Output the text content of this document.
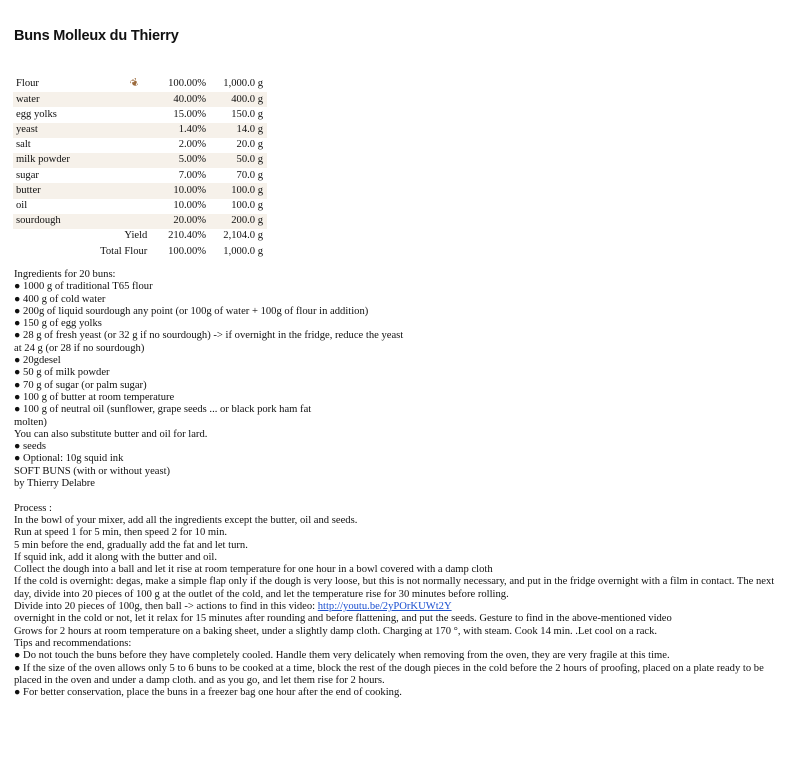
Buns Molleux du Thierry
Flour	❦	100.00%	1,000.0 g
water		40.00%	400.0 g
egg yolks		15.00%	150.0 g
yeast		1.40%	14.0 g
salt		2.00%	20.0 g
milk powder		5.00%	50.0 g
sugar		7.00%	70.0 g
butter		10.00%	100.0 g
oil		10.00%	100.0 g
sourdough		20.00%	200.0 g
Yield		210.40%	2,104.0 g
Total Flour		100.00%	1,000.0 g
Ingredients for 20 buns:
● 1000 g of traditional T65 flour
● 400 g of cold water
● 200g of liquid sourdough any point (or 100g of water + 100g of flour in addition)
● 150 g of egg yolks
● 28 g of fresh yeast (or 32 g if no sourdough) -> if overnight in the fridge, reduce the yeast
at 24 g (or 28 if no sourdough)
● 20gdesel
● 50 g of milk powder
● 70 g of sugar (or palm sugar)
● 100 g of butter at room temperature
● 100 g of neutral oil (sunflower, grape seeds ... or black pork ham fat
molten)
You can also substitute butter and oil for lard.
● seeds
● Optional: 10g squid ink
SOFT BUNS (with or without yeast)
by Thierry Delabre
Process :
In the bowl of your mixer, add all the ingredients except the butter, oil and seeds.
Run at speed 1 for 5 min, then speed 2 for 10 min.
5 min before the end, gradually add the fat and let turn.
If squid ink, add it along with the butter and oil.
Collect the dough into a ball and let it rise at room temperature for one hour in a bowl covered with a damp cloth
If the cold is overnight: degas, make a simple flap only if the dough is very loose, but this is not normally necessary, and put in the fridge overnight with a film in contact. The next day, divide into 20 pieces of 100 g at the outlet of the cold, and let the temperature rise for 30 minutes before rolling.
Divide into 20 pieces of 100g, then ball -> actions to find in this video: http://youtu.be/2yPOrKUWt2Y
overnight in the cold or not, let it relax for 15 minutes after rounding and before flattening, and put the seeds. Gesture to find in the above-mentioned video
Grows for 2 hours at room temperature on a baking sheet, under a slightly damp cloth. Charging at 170 °, with steam. Cook 14 min. .Let cool on a rack.
Tips and recommendations:
● Do not touch the buns before they have completely cooled. Handle them very delicately when removing from the oven, they are very fragile at this time.
● If the size of the oven allows only 5 to 6 buns to be cooked at a time, block the rest of the dough pieces in the cold before the 2 hours of proofing, placed on a plate ready to be placed in the oven and under a damp cloth. and as you go, and let them rise for 2 hours.
● For better conservation, place the buns in a freezer bag one hour after the end of cooking.
